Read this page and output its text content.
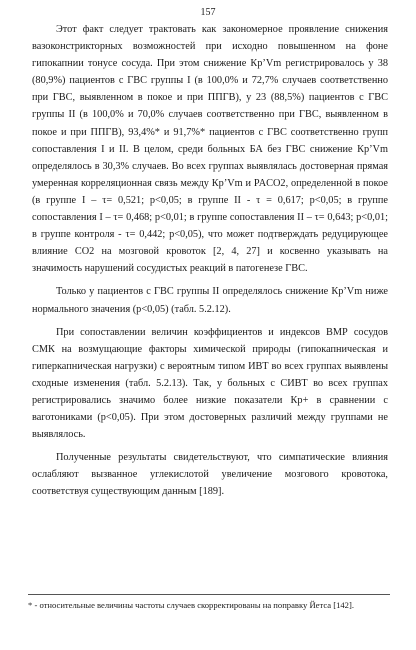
157

Этот факт следует трактовать как закономерное проявление снижения вазоконстрикторных возможностей при исходно повышенном на фоне гипокапнии тонусе сосуда. При этом снижение Кр’Vm регистрировалось у 38 (80,9%) пациентов с ГВС группы I (в 100,0% и 72,7% случаев соответственно при ГВС, выявленном в покое и при ППГВ), у 23 (88,5%) пациентов с ГВС группы II (в 100,0% и 70,0% случаев соответственно при ГВС, выявленном в покое и при ППГВ), 93,4%* и 91,7%* пациентов с ГВС соответственно групп сопоставления I и II. В целом, среди больных БА без ГВС снижение Кр’Vm определялось в 30,3% случаев. Во всех группах выявлялась достоверная прямая умеренная корреляционная связь между Кр’Vm и PACO2, определенной в покое (в группе I – τ= 0,521; p<0,05; в группе II - τ = 0,617; p<0,05; в группе сопоставления I – τ= 0,468; p<0,01; в группе сопоставления II – τ= 0,643; p<0,01; в группе контроля - τ= 0,442; p<0,05), что может подтверждать редуцирующее влияние CO2 на мозговой кровоток [2, 4, 27] и косвенно указывать на значимость нарушений сосудистых реакций в патогенезе ГВС.

Только у пациентов с ГВС группы II определялось снижение Кр’Vm ниже нормального значения (p<0,05) (табл. 5.2.12).

При сопоставлении величин коэффициентов и индексов ВМР сосудов СМК на возмущающие факторы химической природы (гипокапническая и гиперкапническая нагрузки) с вероятным типом ИВТ во всех группах выявлены сходные изменения (табл. 5.2.13). Так, у больных с CИВТ во всех группах регистрировались значимо более низкие показатели Кр+ в сравнении с ваготониками (p<0,05). При этом достоверных различий между группами не выявлялось.

Полученные результаты свидетельствуют, что симпатические влияния ослабляют вызванное углекислотой увеличение мозгового кровотока, соответствуя существующим данным [189].

* - относительные величины частоты случаев скорректированы на поправку Йетса [142].
